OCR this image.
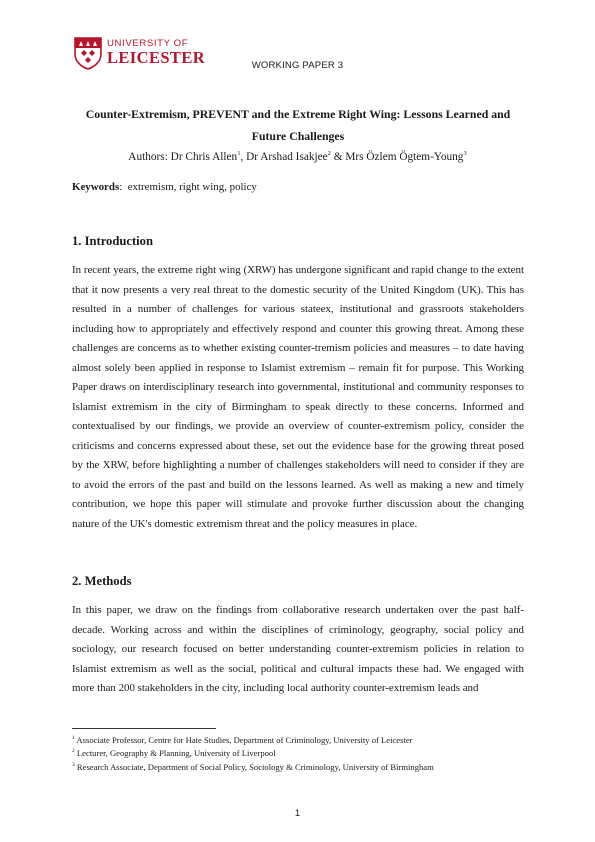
UNIVERSITY OF
LEICESTER	WORKING PAPER 3
Counter-Extremism, PREVENT and the Extreme Right Wing: Lessons Learned and Future Challenges
Authors: Dr Chris Allen$^1$, Dr Arshad Isakjee$^2$ & Mrs Özlem Ögtem-Young$^3$
Keywords: extremism, right wing, policy
1. Introduction
In recent years, the extreme right wing (XRW) has undergone significant and rapid change to the extent that it now presents a very real threat to the domestic security of the United Kingdom (UK). This has resulted in a number of challenges for various stateex, institutional and grassroots stakeholders including how to appropriately and effectively respond and counter this growing threat. Among these challenges are concerns as to whether existing counter-tremism policies and measures – to date having almost solely been applied in response to Islamist extremism – remain fit for purpose. This Working Paper draws on interdisciplinary research into governmental, institutional and community responses to Islamist extremism in the city of Birmingham to speak directly to these concerns. Informed and contextualised by our findings, we provide an overview of counter-extremism policy, consider the criticisms and concerns expressed about these, set out the evidence base for the growing threat posed by the XRW, before highlighting a number of challenges stakeholders will need to consider if they are to avoid the errors of the past and build on the lessons learned. As well as making a new and timely contribution, we hope this paper will stimulate and provoke further discussion about the changing nature of the UK's domestic extremism threat and the policy measures in place.
2. Methods
In this paper, we draw on the findings from collaborative research undertaken over the past half-decade. Working across and within the disciplines of criminology, geography, social policy and sociology, our research focused on better understanding counter-extremism policies in relation to Islamist extremism as well as the social, political and cultural impacts these had. We engaged with more than 200 stakeholders in the city, including local authority counter-extremism leads and
$^1$ Associate Professor, Centre for Hate Studies, Department of Criminology, University of Leicester
$^2$ Lecturer, Geography & Planning, University of Liverpool
$^3$ Research Associate, Department of Social Policy, Sociology & Criminology, University of Birmingham
1
